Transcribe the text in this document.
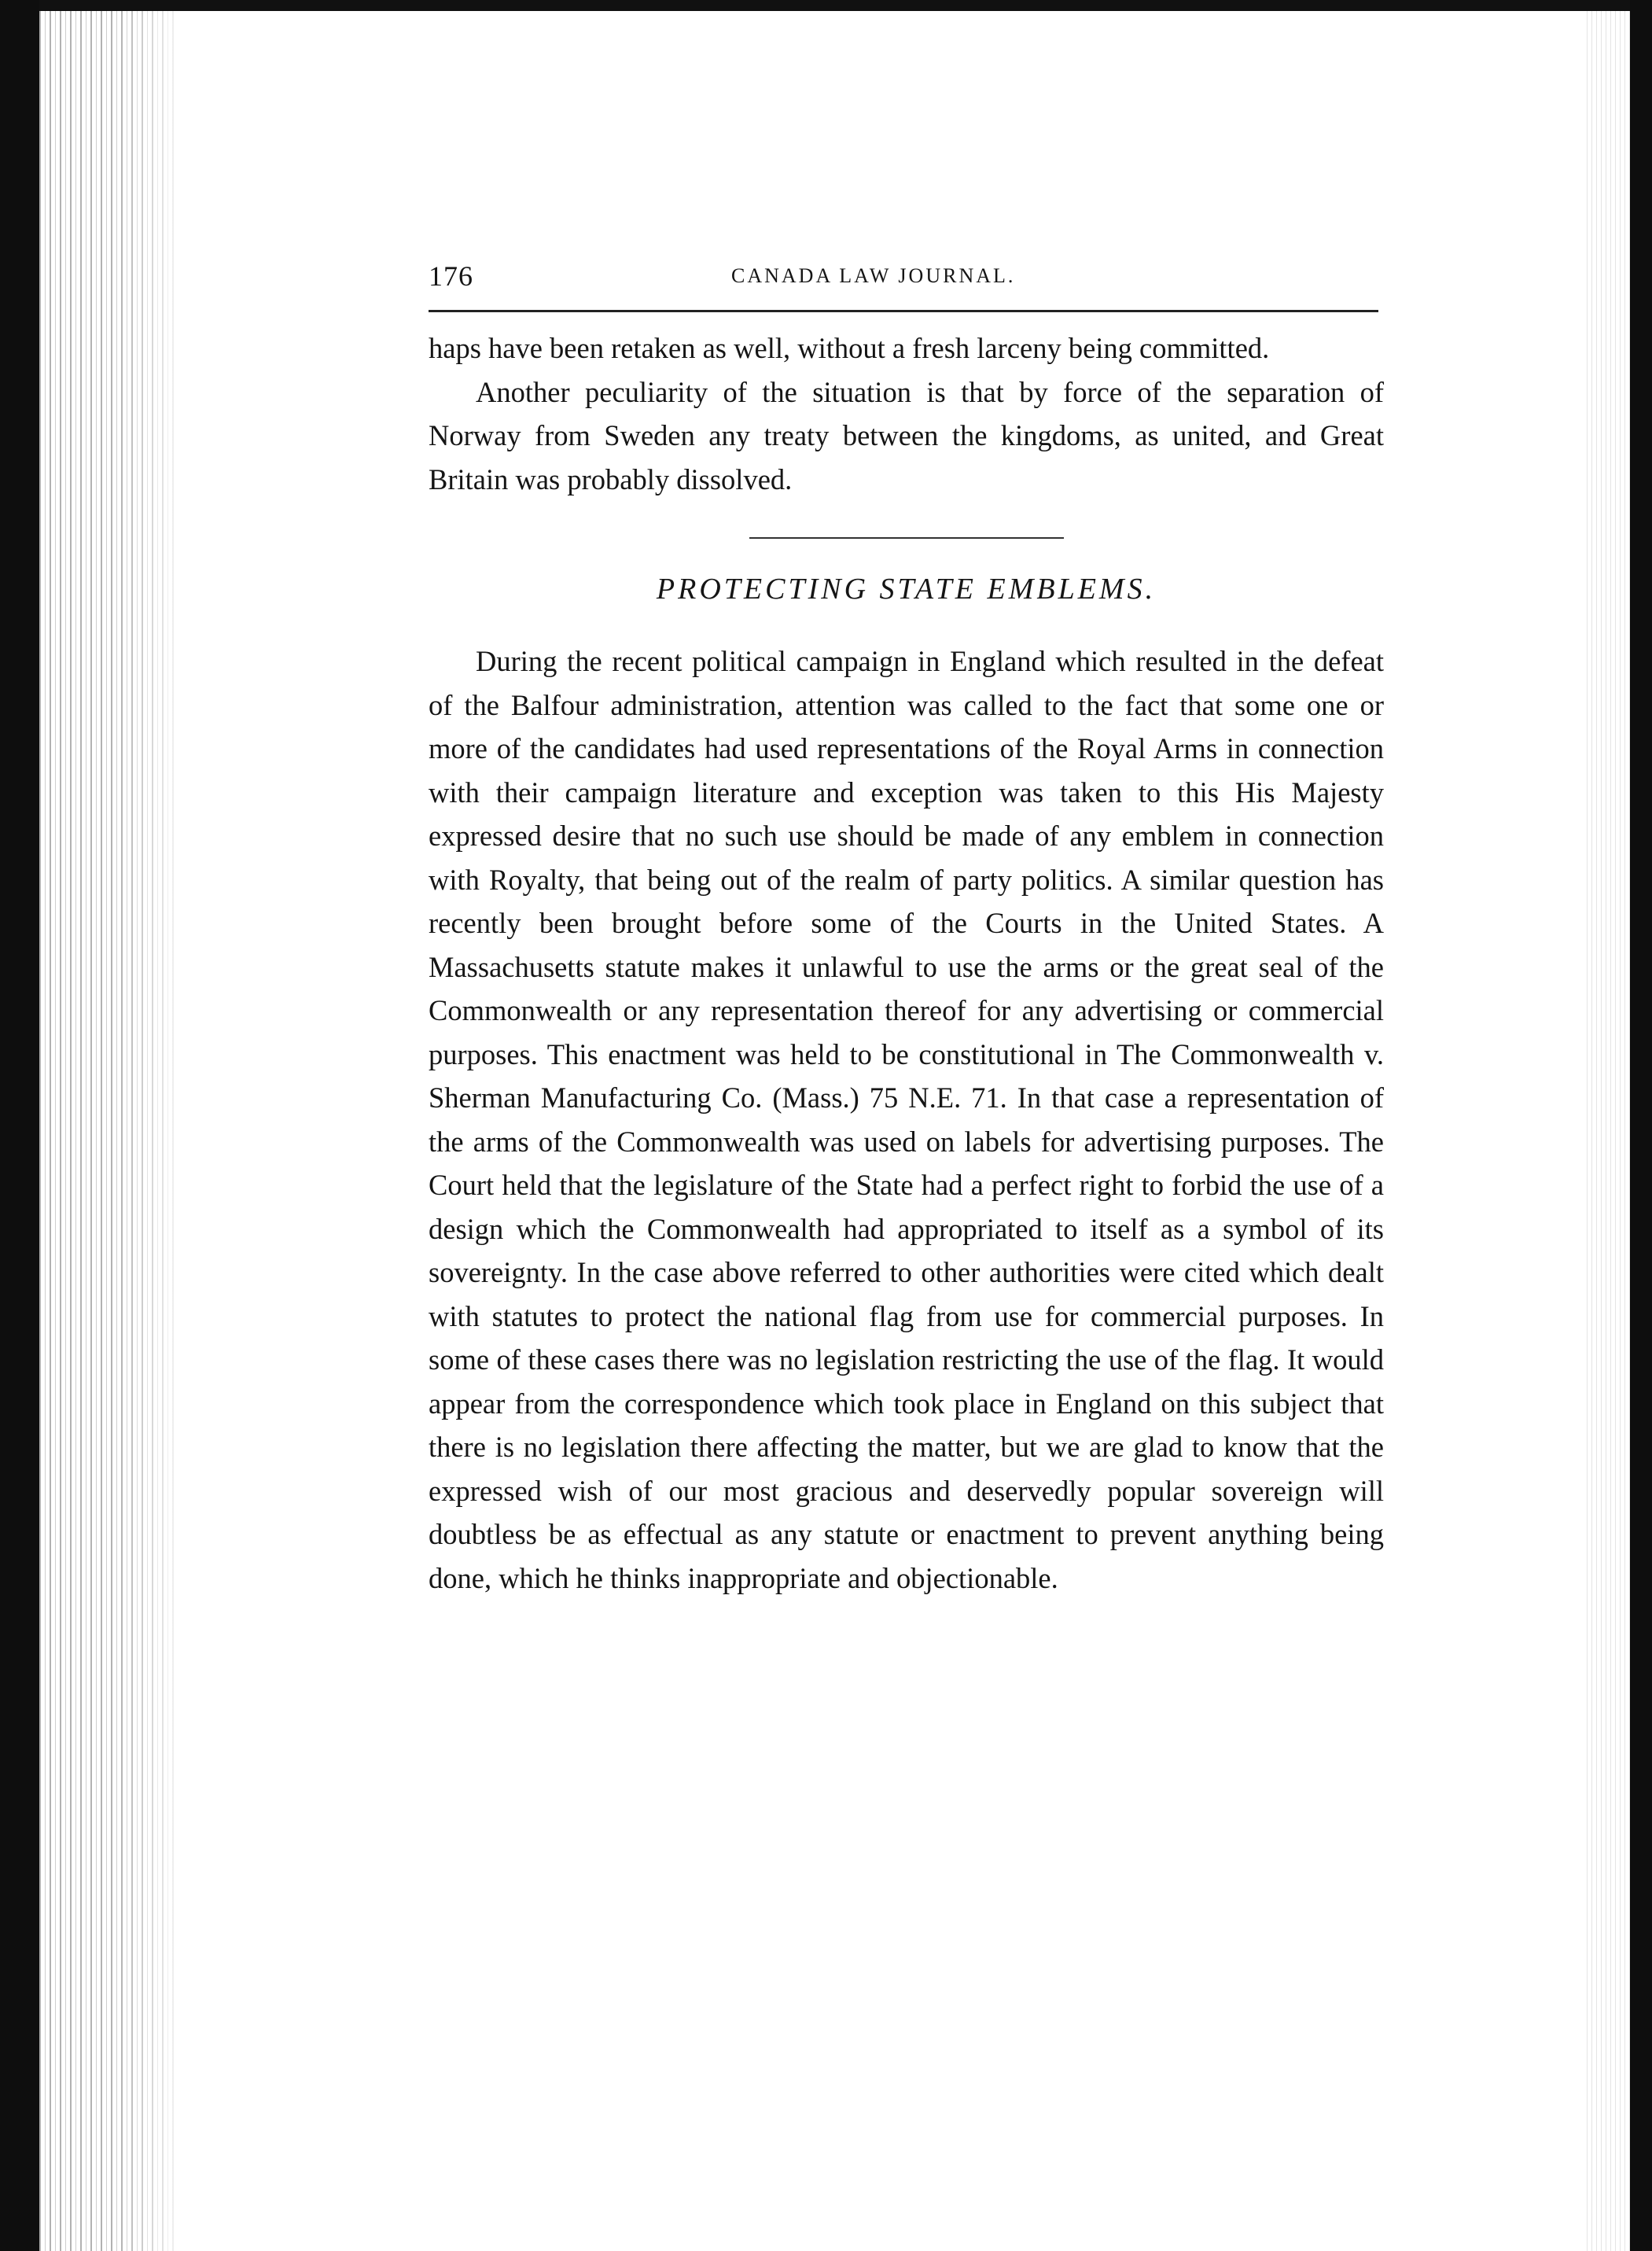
176	CANADA LAW JOURNAL.

haps have been retaken as well, without a fresh larceny being committed.

Another peculiarity of the situation is that by force of the separation of Norway from Sweden any treaty between the kingdoms, as united, and Great Britain was probably dissolved.

PROTECTING STATE EMBLEMS.

During the recent political campaign in England which resulted in the defeat of the Balfour administration, attention was called to the fact that some one or more of the candidates had used representations of the Royal Arms in connection with their campaign literature and exception was taken to this His Majesty expressed desire that no such use should be made of any emblem in connection with Royalty, that being out of the realm of party politics. A similar question has recently been brought before some of the Courts in the United States. A Massachusetts statute makes it unlawful to use the arms or the great seal of the Commonwealth or any representation thereof for any advertising or commercial purposes. This enactment was held to be constitutional in The Commonwealth v. Sherman Manufacturing Co. (Mass.) 75 N.E. 71. In that case a representation of the arms of the Commonwealth was used on labels for advertising purposes. The Court held that the legislature of the State had a perfect right to forbid the use of a design which the Commonwealth had appropriated to itself as a symbol of its sovereignty. In the case above referred to other authorities were cited which dealt with statutes to protect the national flag from use for commercial purposes. In some of these cases there was no legislation restricting the use of the flag. It would appear from the correspondence which took place in England on this subject that there is no legislation there affecting the matter, but we are glad to know that the expressed wish of our most gracious and deservedly popular sovereign will doubtless be as effectual as any statute or enactment to prevent anything being done, which he thinks inappropriate and objectionable.
